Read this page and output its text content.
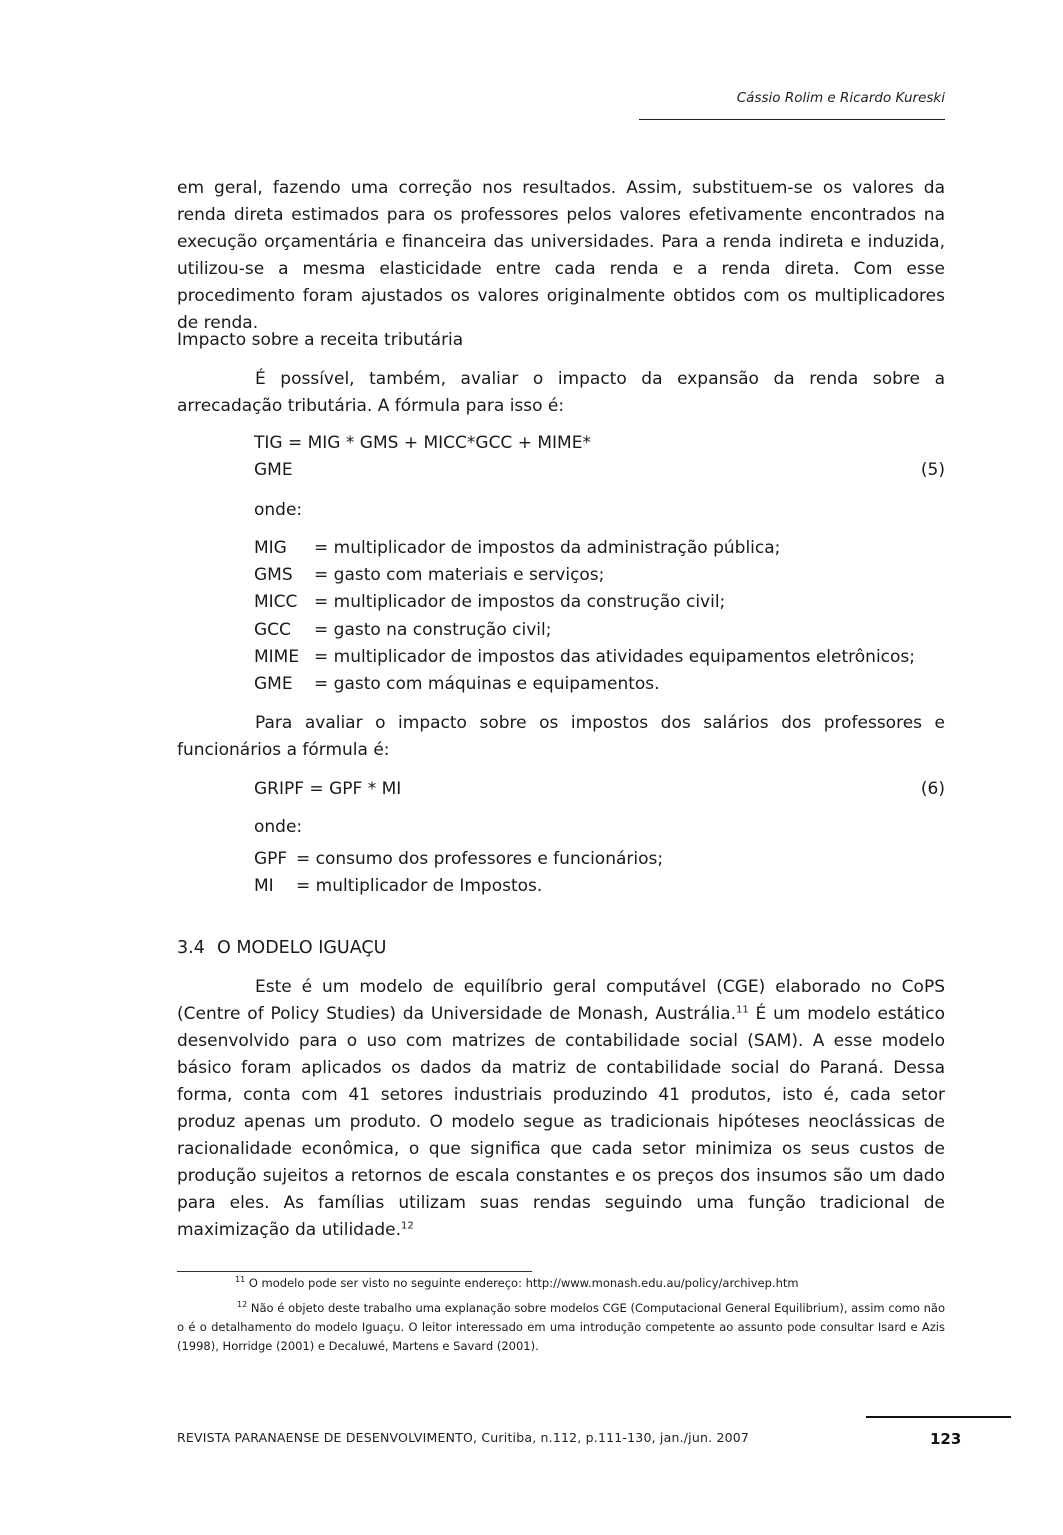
Cássio Rolim e Ricardo Kureski

em geral, fazendo uma correção nos resultados. Assim, substituem-se os valores da renda direta estimados para os professores pelos valores efetivamente encontrados na execução orçamentária e financeira das universidades. Para a renda indireta e induzida, utilizou-se a mesma elasticidade entre cada renda e a renda direta. Com esse procedimento foram ajustados os valores originalmente obtidos com os multiplicadores de renda.

Impacto sobre a receita tributária

É possível, também, avaliar o impacto da expansão da renda sobre a arrecadação tributária. A fórmula para isso é:

TIG = MIG * GMS + MICC*GCC + MIME*
GME	(5)

onde:

MIG	= multiplicador de impostos da administração pública;
GMS	= gasto com materiais e serviços;
MICC = multiplicador de impostos da construção civil;
GCC	= gasto na construção civil;
MIME = multiplicador de impostos das atividades equipamentos eletrônicos;
GME	= gasto com máquinas e equipamentos.

Para avaliar o impacto sobre os impostos dos salários dos professores e funcionários a fórmula é:

GRIPF = GPF * MI	(6)

onde:

GPF = consumo dos professores e funcionários;
MI	= multiplicador de Impostos.
3.4 O MODELO IGUAÇU

Este é um modelo de equilíbrio geral computável (CGE) elaborado no CoPS (Centre of Policy Studies) da Universidade de Monash, Austrália.$^{11}$ É um modelo estático desenvolvido para o uso com matrizes de contabilidade social (SAM). A esse modelo básico foram aplicados os dados da matriz de contabilidade social do Paraná. Dessa forma, conta com 41 setores industriais produzindo 41 produtos, isto é, cada setor produz apenas um produto. O modelo segue as tradicionais hipóteses neoclássicas de racionalidade econômica, o que significa que cada setor minimiza os seus custos de produção sujeitos a retornos de escala constantes e os preços dos insumos são um dado para eles. As famílias utilizam suas rendas seguindo uma função tradicional de maximização da utilidade.$^{12}$

$^{11}$ O modelo pode ser visto no seguinte endereço: http://www.monash.edu.au/policy/archivep.htm

$^{12}$ Não é objeto deste trabalho uma explanação sobre modelos CGE (Computacional General Equilibrium), assim como não o é o detalhamento do modelo Iguaçu. O leitor interessado em uma introdução competente ao assunto pode consultar Isard e Azis (1998), Horridge (2001) e Decaluwé, Martens e Savard (2001).

REVISTA PARANAENSE DE DESENVOLVIMENTO, Curitiba, n.112, p.111-130, jan./jun. 2007	123
